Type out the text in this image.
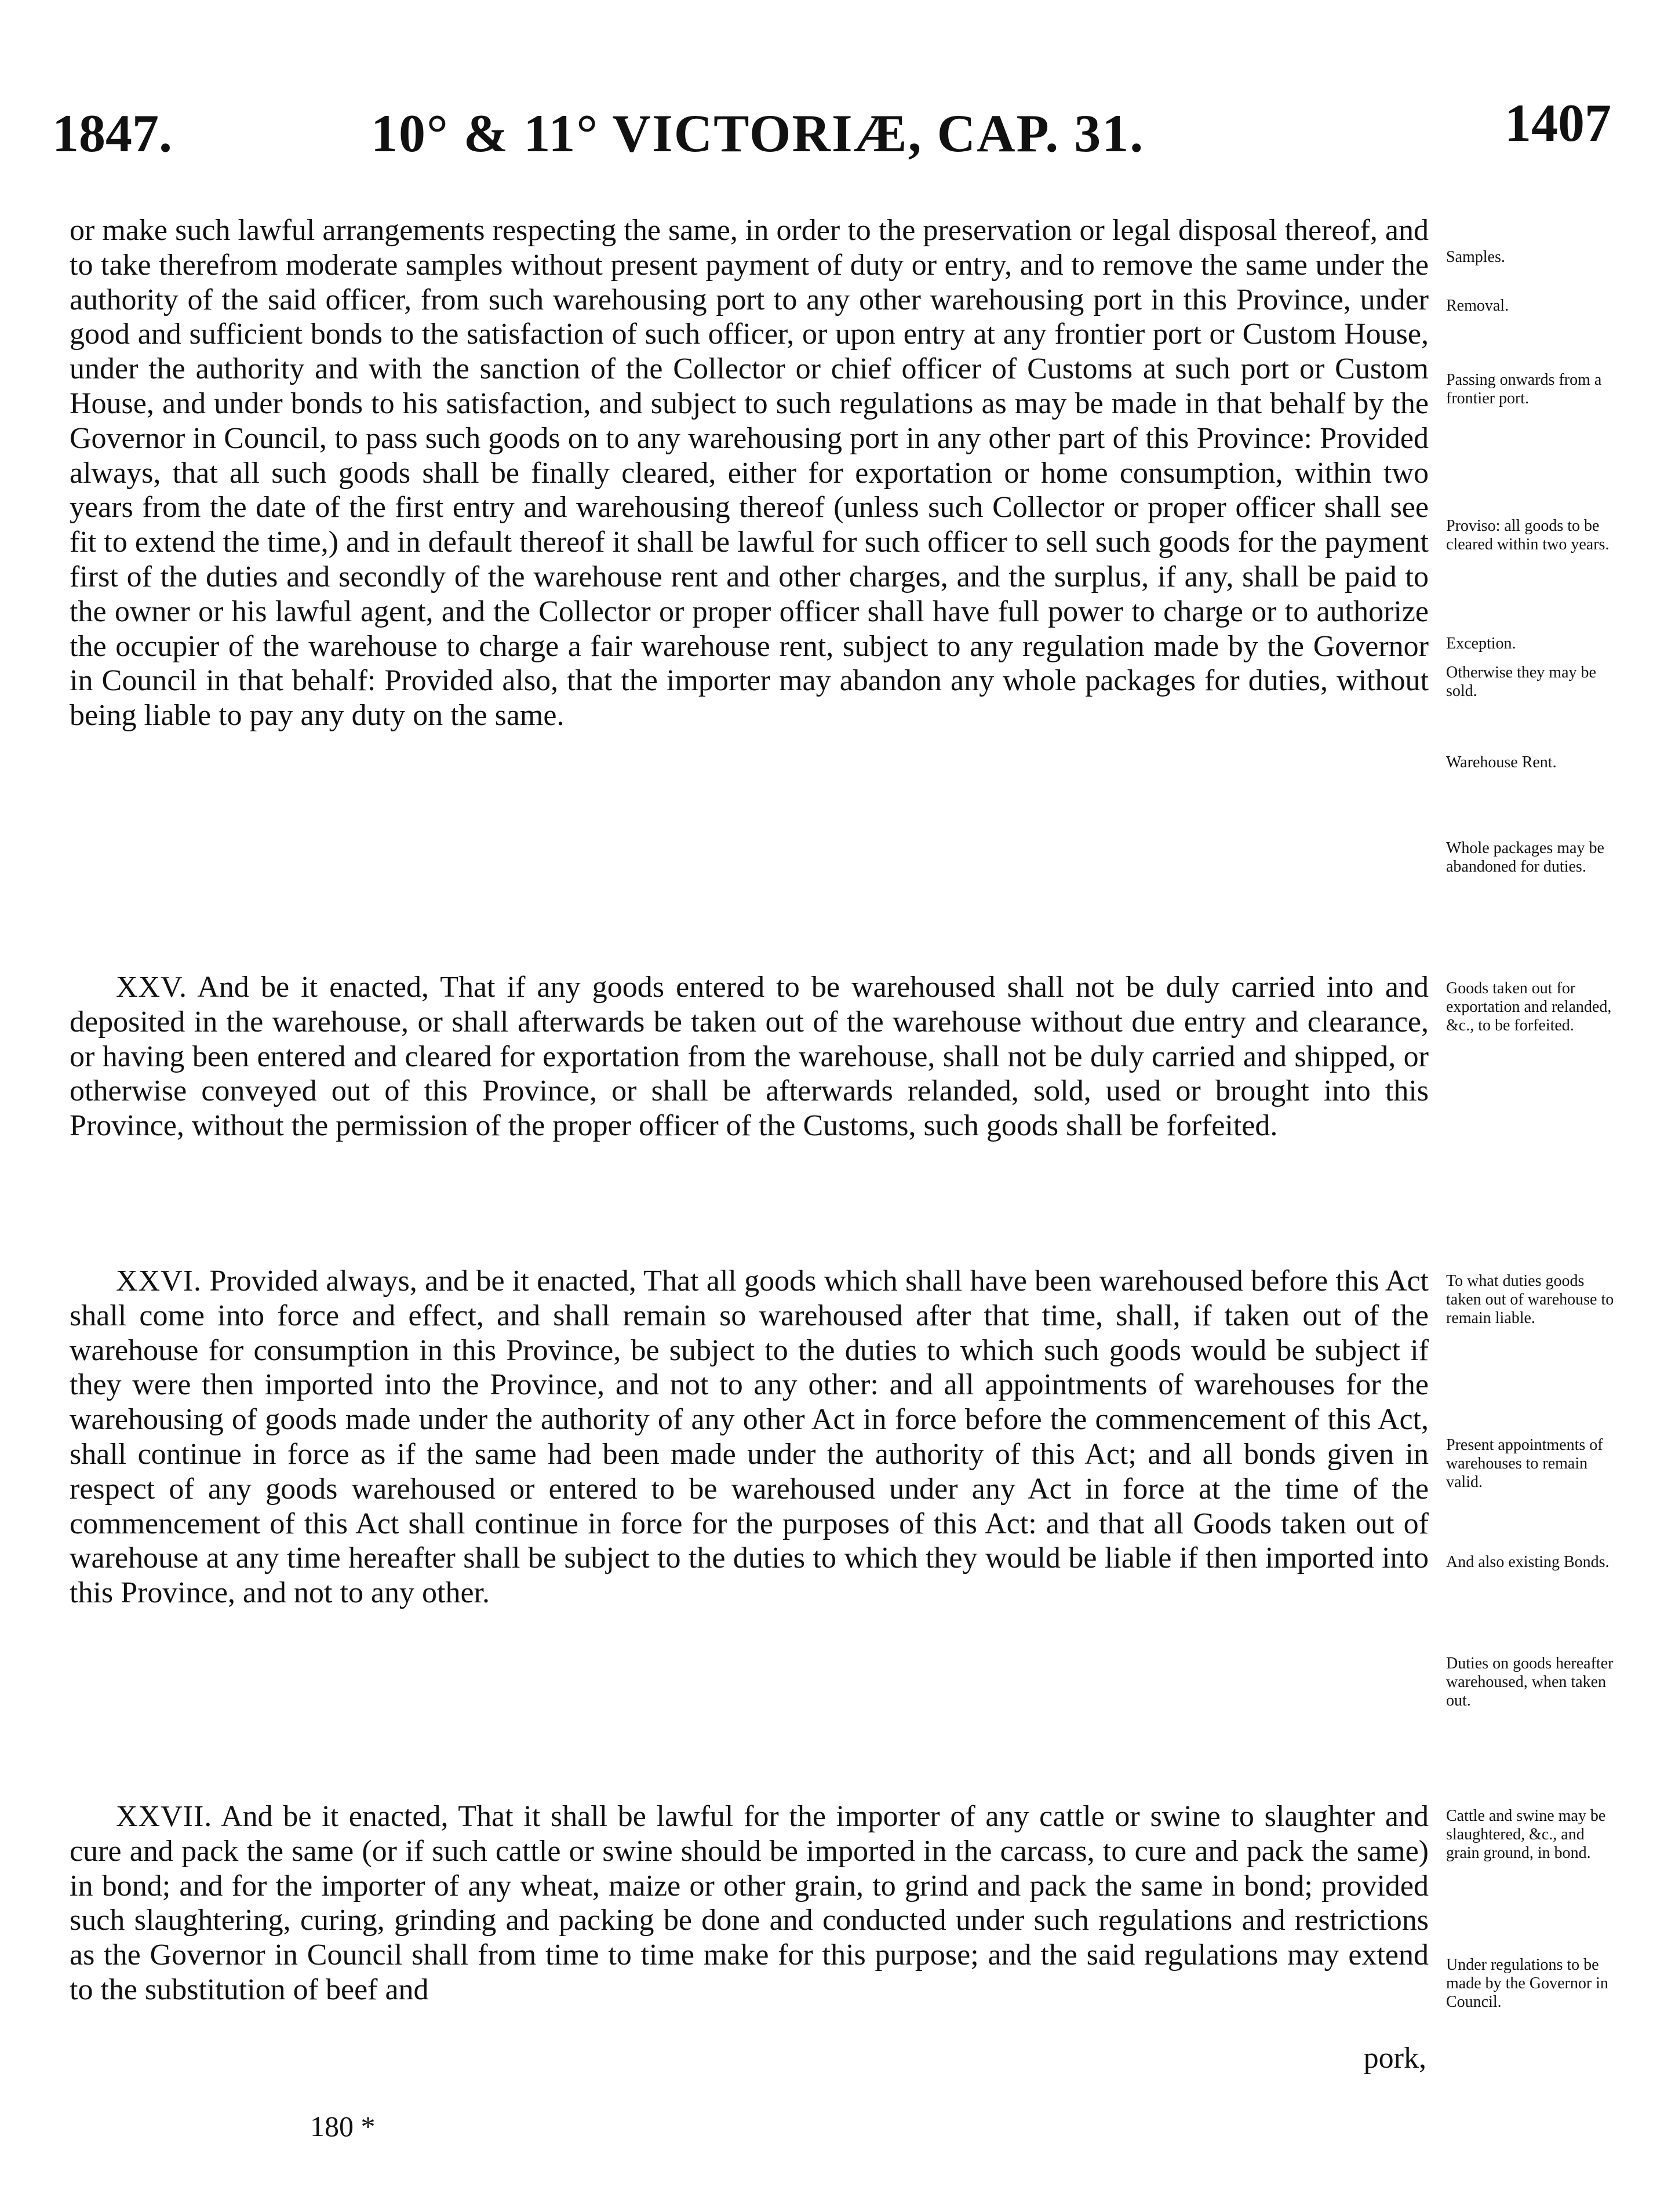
1847.	10° & 11° VICTORIÆ, CAP. 31.	1407

or make such lawful arrangements respecting the same, in order to the preservation or legal disposal thereof, and to take therefrom moderate samples without present payment of duty or entry, and to remove the same under the authority of the said officer, from such warehousing port to any other warehousing port in this Province, under good and sufficient bonds to the satisfaction of such officer, or upon entry at any frontier port or Custom House, under the authority and with the sanction of the Collector or chief officer of Customs at such port or Custom House, and under bonds to his satisfaction, and subject to such regulations as may be made in that behalf by the Governor in Council, to pass such goods on to any warehousing port in any other part of this Province: Provided always, that all such goods shall be finally cleared, either for exportation or home consumption, within two years from the date of the first entry and warehousing thereof (unless such Collector or proper officer shall see fit to extend the time,) and in default thereof it shall be lawful for such officer to sell such goods for the payment first of the duties and secondly of the warehouse rent and other charges, and the surplus, if any, shall be paid to the owner or his lawful agent, and the Collector or proper officer shall have full power to charge or to authorize the occupier of the warehouse to charge a fair warehouse rent, subject to any regulation made by the Governor in Council in that behalf: Provided also, that the importer may abandon any whole packages for duties, without being liable to pay any duty on the same.

XXV. And be it enacted, That if any goods entered to be warehoused shall not be duly carried into and deposited in the warehouse, or shall afterwards be taken out of the warehouse without due entry and clearance, or having been entered and cleared for exportation from the warehouse, shall not be duly carried and shipped, or otherwise conveyed out of this Province, or shall be afterwards relanded, sold, used or brought into this Province, without the permission of the proper officer of the Customs, such goods shall be forfeited.

XXVI. Provided always, and be it enacted, That all goods which shall have been warehoused before this Act shall come into force and effect, and shall remain so warehoused after that time, shall, if taken out of the warehouse for consumption in this Province, be subject to the duties to which such goods would be subject if they were then imported into the Province, and not to any other: and all appointments of warehouses for the warehousing of goods made under the authority of any other Act in force before the commencement of this Act, shall continue in force as if the same had been made under the authority of this Act; and all bonds given in respect of any goods warehoused or entered to be warehoused under any Act in force at the time of the commencement of this Act shall continue in force for the purposes of this Act: and that all Goods taken out of warehouse at any time hereafter shall be subject to the duties to which they would be liable if then imported into this Province, and not to any other.

XXVII. And be it enacted, That it shall be lawful for the importer of any cattle or swine to slaughter and cure and pack the same (or if such cattle or swine should be imported in the carcass, to cure and pack the same) in bond; and for the importer of any wheat, maize or other grain, to grind and pack the same in bond; provided such slaughtering, curing, grinding and packing be done and conducted under such regulations and restrictions as the Governor in Council shall from time to time make for this purpose; and the said regulations may extend to the substitution of beef and

pork,
Samples.
Removal.
Passing onwards from a frontier port.
Proviso: all goods to be cleared within two years.
Exception.
Otherwise they may be sold.
Warehouse Rent.
Whole packages may be abandoned for duties.
Goods taken out for exportation and relanded, &c., to be forfeited.
To what duties goods taken out of warehouse to remain liable.
Present appointments of warehouses to remain valid.
And also existing Bonds.
Duties on goods hereafter warehoused, when taken out.
Cattle and swine may be slaughtered, &c., and grain ground, in bond.
Under regulations to be made by the Governor in Council.
180 *
